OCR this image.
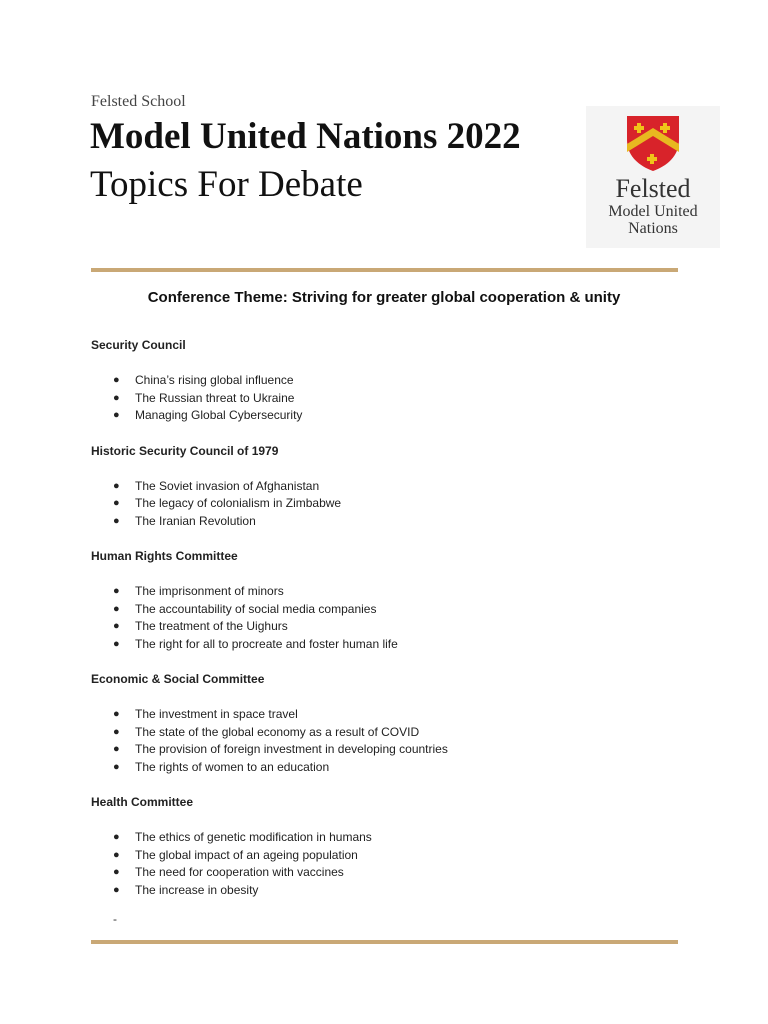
Felsted School
Model United Nations 2022
Topics For Debate	Felsted
Model United
Nations
Conference Theme: Striving for greater global cooperation & unity
Security Council
● China’s rising global influence
● The Russian threat to Ukraine
● Managing Global Cybersecurity
Historic Security Council of 1979
● The Soviet invasion of Afghanistan
● The legacy of colonialism in Zimbabwe
● The Iranian Revolution
Human Rights Committee
● The imprisonment of minors
● The accountability of social media companies
● The treatment of the Uighurs
● The right for all to procreate and foster human life
Economic & Social Committee
● The investment in space travel
● The state of the global economy as a result of COVID
● The provision of foreign investment in developing countries
● The rights of women to an education
Health Committee
● The ethics of genetic modification in humans
● The global impact of an ageing population
● The need for cooperation with vaccines
● The increase in obesity
-
